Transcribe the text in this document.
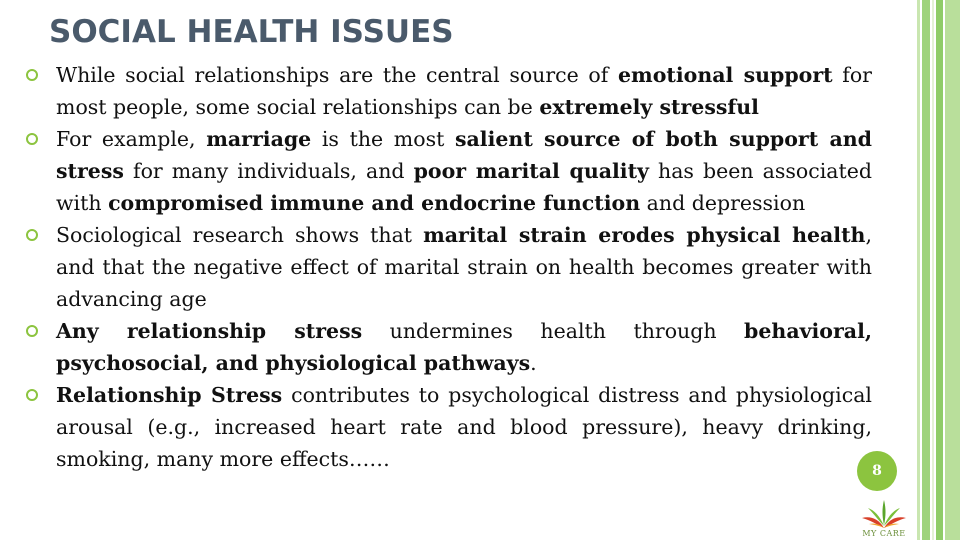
SOCIAL HEALTH ISSUES
While social relationships are the central source of emotional support for most people, some social relationships can be extremely stressful
For example, marriage is the most salient source of both support and stress for many individuals, and poor marital quality has been associated with compromised immune and endocrine function and depression
Sociological research shows that marital strain erodes physical health, and that the negative effect of marital strain on health becomes greater with advancing age
Any relationship stress undermines health through behavioral, psychosocial, and physiological pathways.
Relationship Stress contributes to psychological distress and physiological arousal (e.g., increased heart rate and blood pressure), heavy drinking, smoking, many more effects……	8
MY CARE
